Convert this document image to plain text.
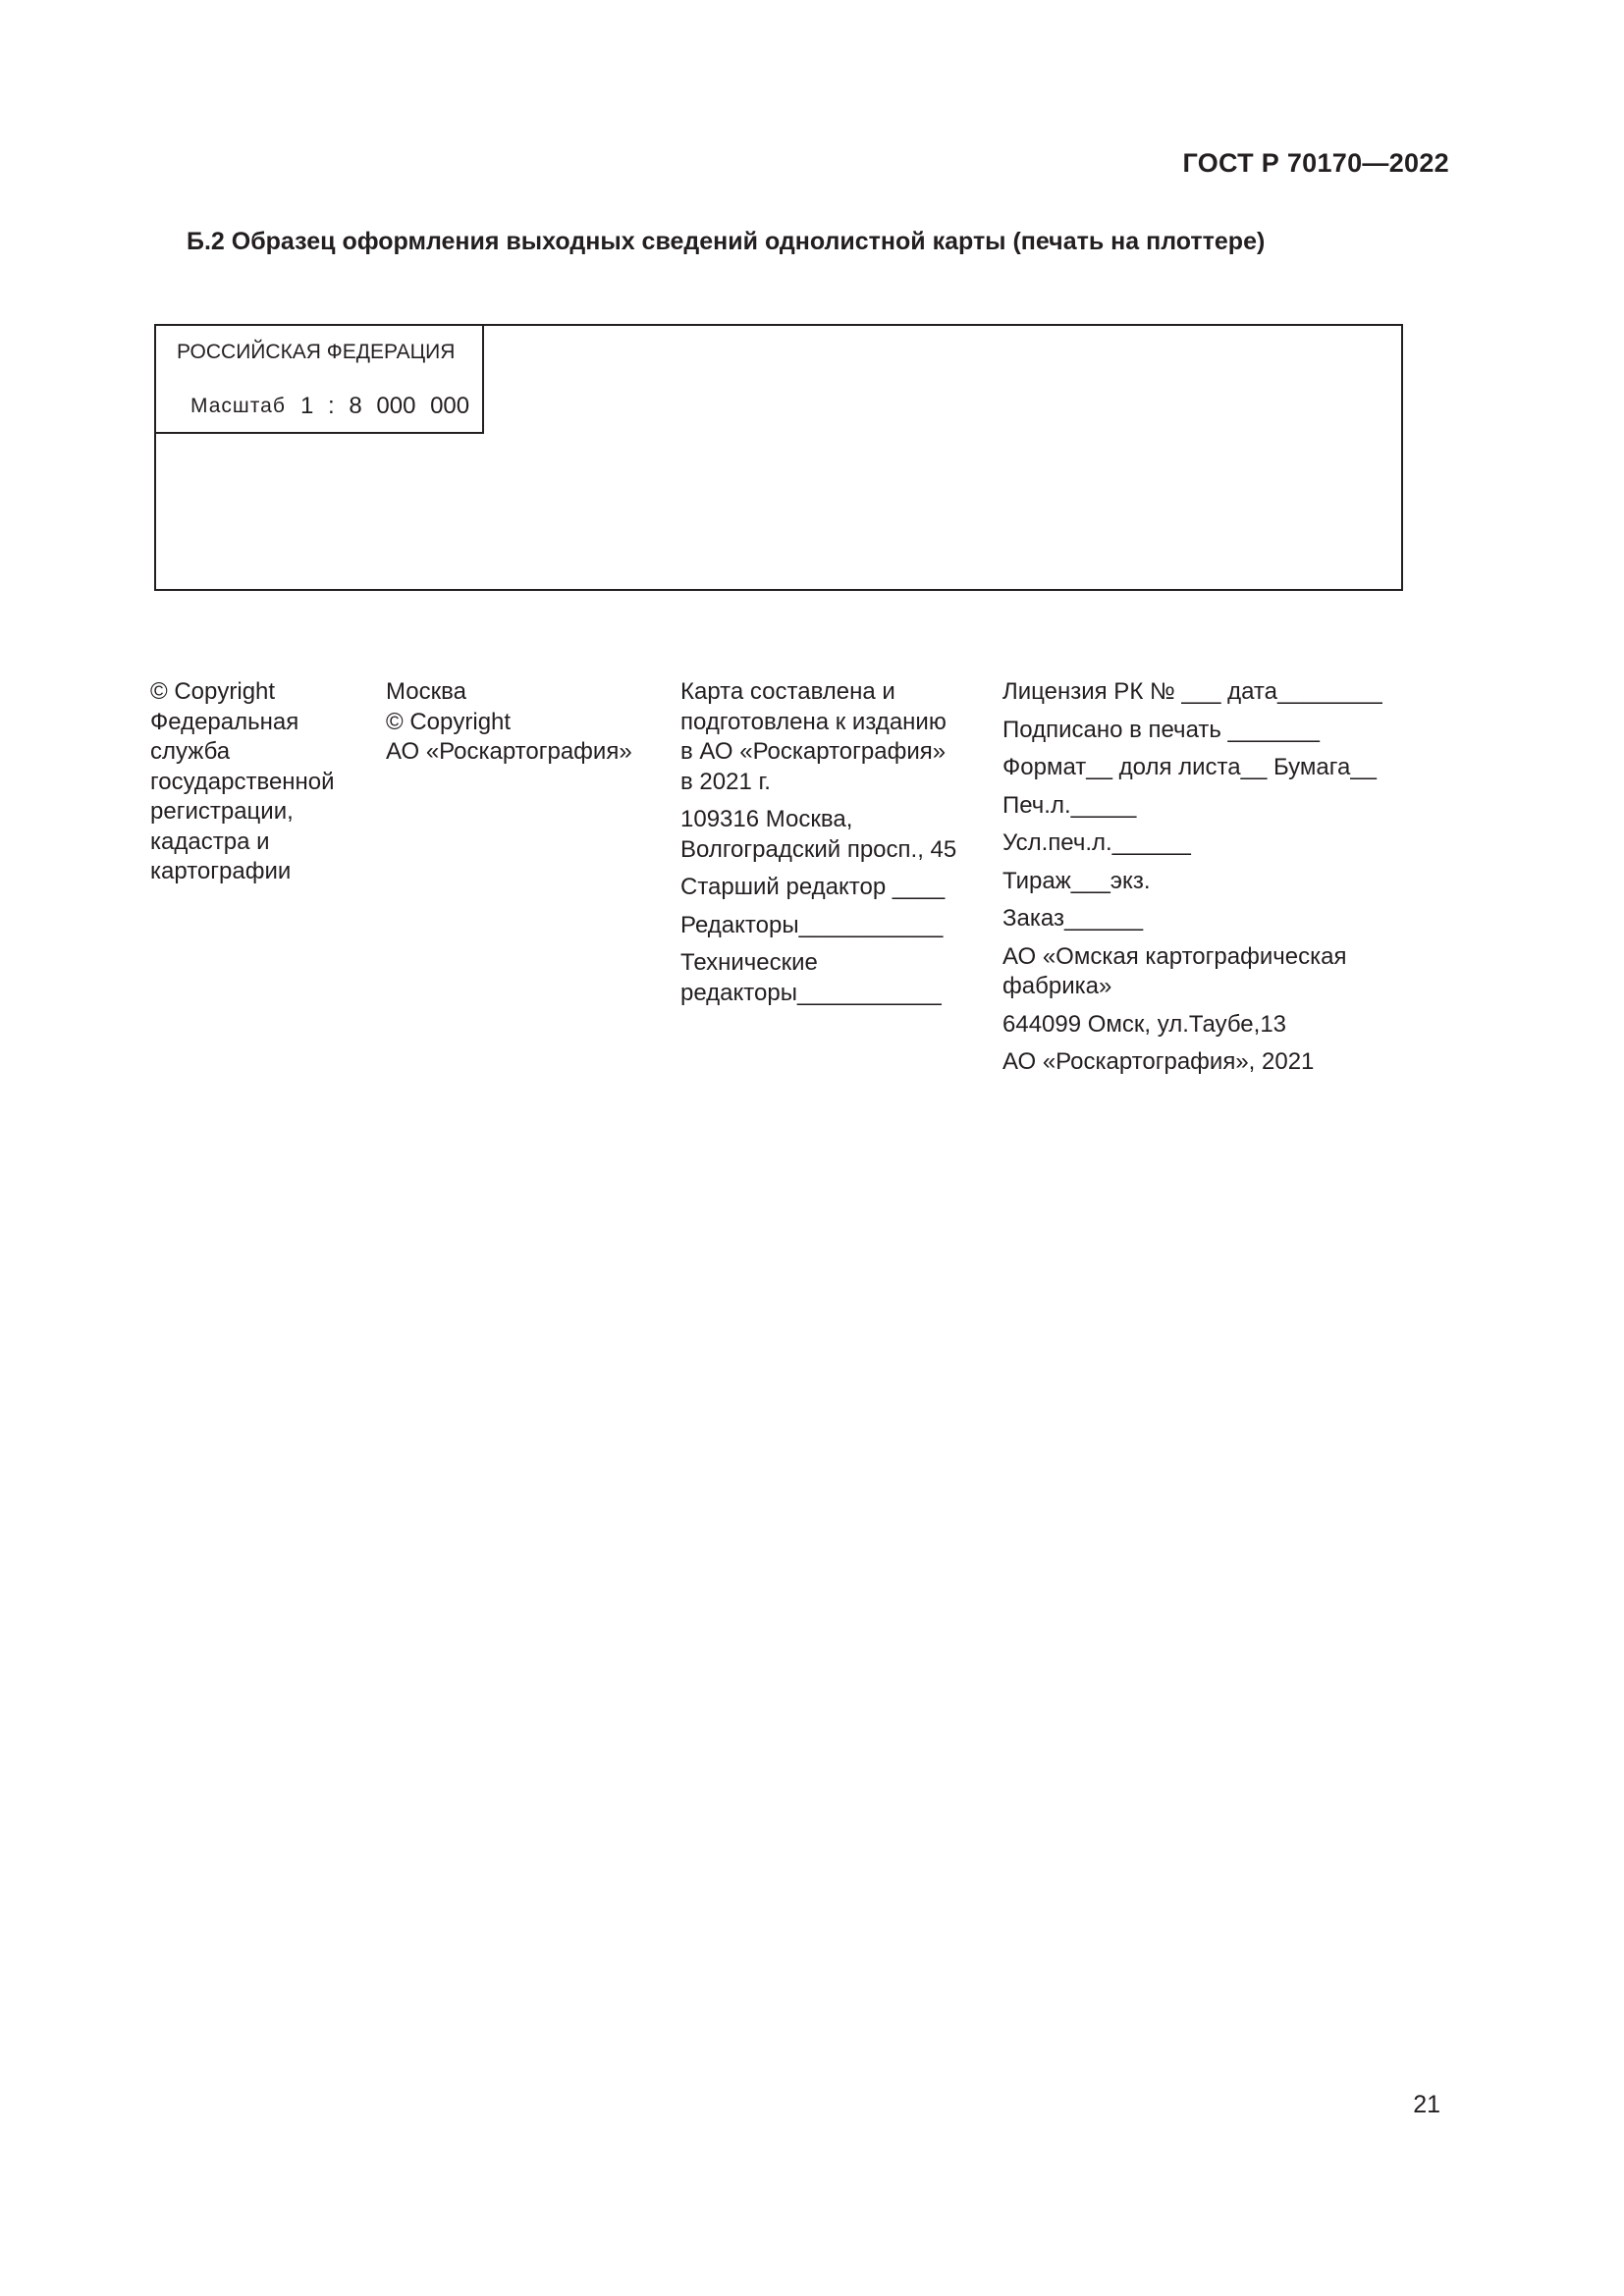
ГОСТ Р 70170—2022
Б.2 Образец оформления выходных сведений однолистной карты (печать на плоттере)
РОССИЙСКАЯ ФЕДЕРАЦИЯ
Масштаб 1 : 8 000 000

© Copyright
Федеральная
служба
государственной
регистрации,
кадастра и
картографии

Москва
© Copyright
АО «Роскартография»

Карта составлена и
подготовлена к изданию
в АО «Роскартография»
в 2021 г.

109316 Москва,
Волгоградский просп., 45

Старший редактор ____

Редакторы___________

Технические
редакторы___________

Лицензия РК № ___ дата________

Подписано в печать _______

Формат__ доля листа__ Бумага__

Печ.л._____

Усл.печ.л.______

Тираж___экз.

Заказ______

АО «Омская картографическая
фабрика»

644099 Омск, ул.Таубе,13

АО «Роскартография», 2021

21
